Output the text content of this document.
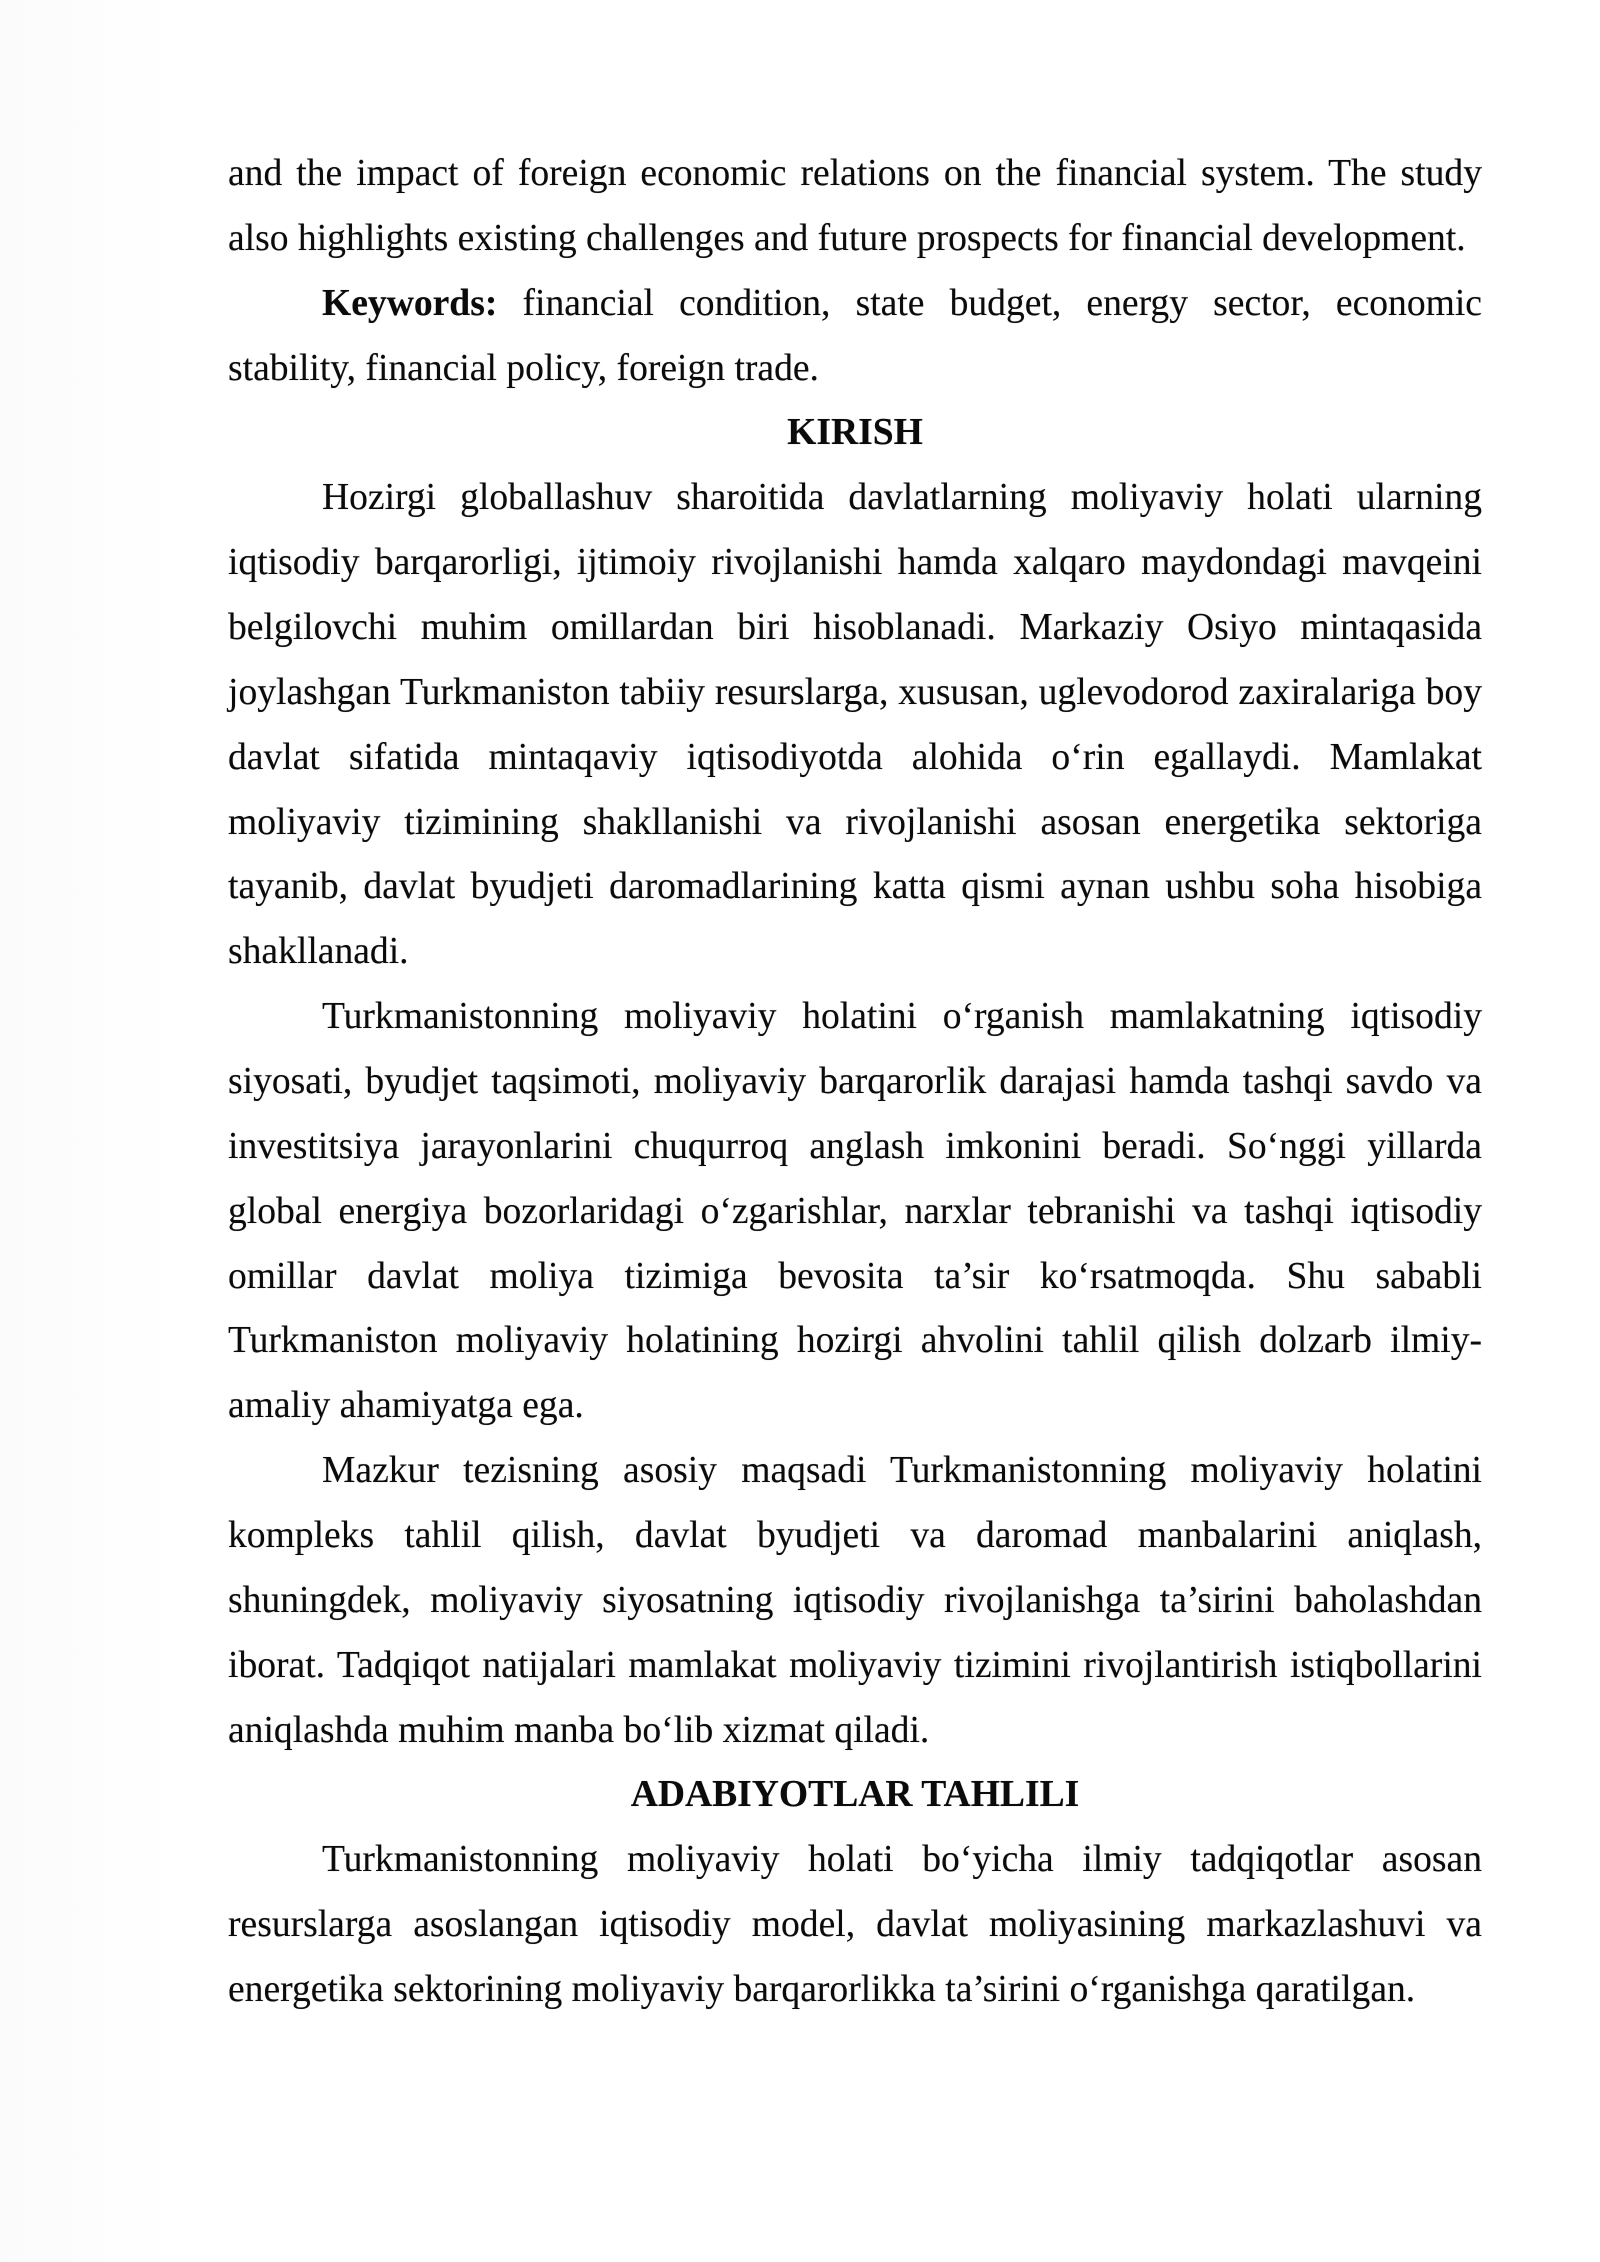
and the impact of foreign economic relations on the financial system. The study
also highlights existing challenges and future prospects for financial development.
Keywords: financial condition, state budget, energy sector, economic
stability, financial policy, foreign trade.
KIRISH
Hozirgi globallashuv sharoitida davlatlarning moliyaviy holati ularning
iqtisodiy barqarorligi, ijtimoiy rivojlanishi hamda xalqaro maydondagi mavqeini
belgilovchi muhim omillardan biri hisoblanadi. Markaziy Osiyo mintaqasida
joylashgan Turkmaniston tabiiy resurslarga, xususan, uglevodorod zaxiralariga boy
davlat sifatida mintaqaviy iqtisodiyotda alohida oʻrin egallaydi. Mamlakat
moliyaviy tizimining shakllanishi va rivojlanishi asosan energetika sektoriga
tayanib, davlat byudjeti daromadlarining katta qismi aynan ushbu soha hisobiga
shakllanadi.
Turkmanistonning moliyaviy holatini oʻrganish mamlakatning iqtisodiy
siyosati, byudjet taqsimoti, moliyaviy barqarorlik darajasi hamda tashqi savdo va
investitsiya jarayonlarini chuqurroq anglash imkonini beradi. Soʻnggi yillarda
global energiya bozorlaridagi oʻzgarishlar, narxlar tebranishi va tashqi iqtisodiy
omillar davlat moliya tizimiga bevosita ta’sir koʻrsatmoqda. Shu sababli
Turkmaniston moliyaviy holatining hozirgi ahvolini tahlil qilish dolzarb ilmiy-
amaliy ahamiyatga ega.
Mazkur tezisning asosiy maqsadi Turkmanistonning moliyaviy holatini
kompleks tahlil qilish, davlat byudjeti va daromad manbalarini aniqlash,
shuningdek, moliyaviy siyosatning iqtisodiy rivojlanishga ta’sirini baholashdan
iborat. Tadqiqot natijalari mamlakat moliyaviy tizimini rivojlantirish istiqbollarini
aniqlashda muhim manba boʻlib xizmat qiladi.
ADABIYOTLAR TAHLILI
Turkmanistonning moliyaviy holati boʻyicha ilmiy tadqiqotlar asosan
resurslarga asoslangan iqtisodiy model, davlat moliyasining markazlashuvi va
energetika sektorining moliyaviy barqarorlikka ta’sirini oʻrganishga qaratilgan.
